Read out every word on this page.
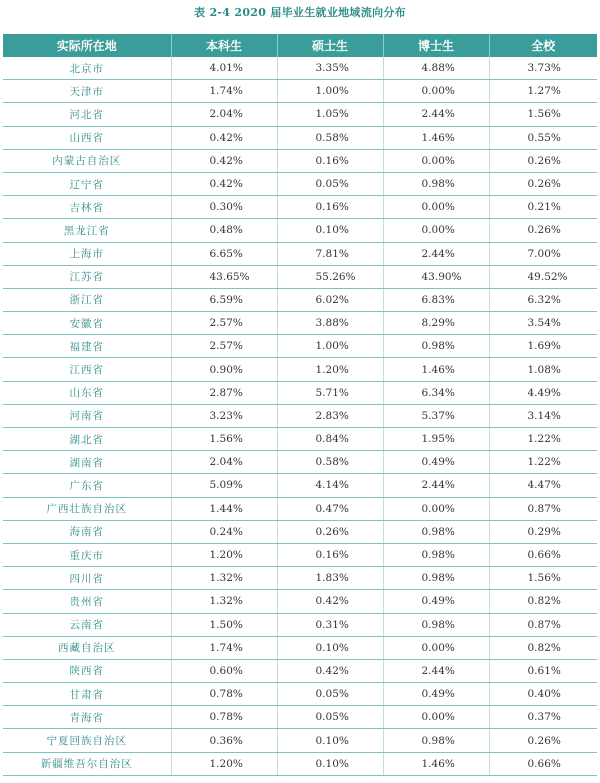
表 2-4 2020 届毕业生就业地域流向分布
实际所在地	本科生	硕士生	博士生	全校
北京市	4.01%	3.35%	4.88%	3.73%
天津市	1.74%	1.00%	0.00%	1.27%
河北省	2.04%	1.05%	2.44%	1.56%
山西省	0.42%	0.58%	1.46%	0.55%
内蒙古自治区	0.42%	0.16%	0.00%	0.26%
辽宁省	0.42%	0.05%	0.98%	0.26%
吉林省	0.30%	0.16%	0.00%	0.21%
黑龙江省	0.48%	0.10%	0.00%	0.26%
上海市	6.65%	7.81%	2.44%	7.00%
江苏省	43.65%	55.26%	43.90%	49.52%
浙江省	6.59%	6.02%	6.83%	6.32%
安徽省	2.57%	3.88%	8.29%	3.54%
福建省	2.57%	1.00%	0.98%	1.69%
江西省	0.90%	1.20%	1.46%	1.08%
山东省	2.87%	5.71%	6.34%	4.49%
河南省	3.23%	2.83%	5.37%	3.14%
湖北省	1.56%	0.84%	1.95%	1.22%
湖南省	2.04%	0.58%	0.49%	1.22%
广东省	5.09%	4.14%	2.44%	4.47%
广西壮族自治区	1.44%	0.47%	0.00%	0.87%
海南省	0.24%	0.26%	0.98%	0.29%
重庆市	1.20%	0.16%	0.98%	0.66%
四川省	1.32%	1.83%	0.98%	1.56%
贵州省	1.32%	0.42%	0.49%	0.82%
云南省	1.50%	0.31%	0.98%	0.87%
西藏自治区	1.74%	0.10%	0.00%	0.82%
陕西省	0.60%	0.42%	2.44%	0.61%
甘肃省	0.78%	0.05%	0.49%	0.40%
青海省	0.78%	0.05%	0.00%	0.37%
宁夏回族自治区	0.36%	0.10%	0.98%	0.26%
新疆维吾尔自治区	1.20%	0.10%	1.46%	0.66%
